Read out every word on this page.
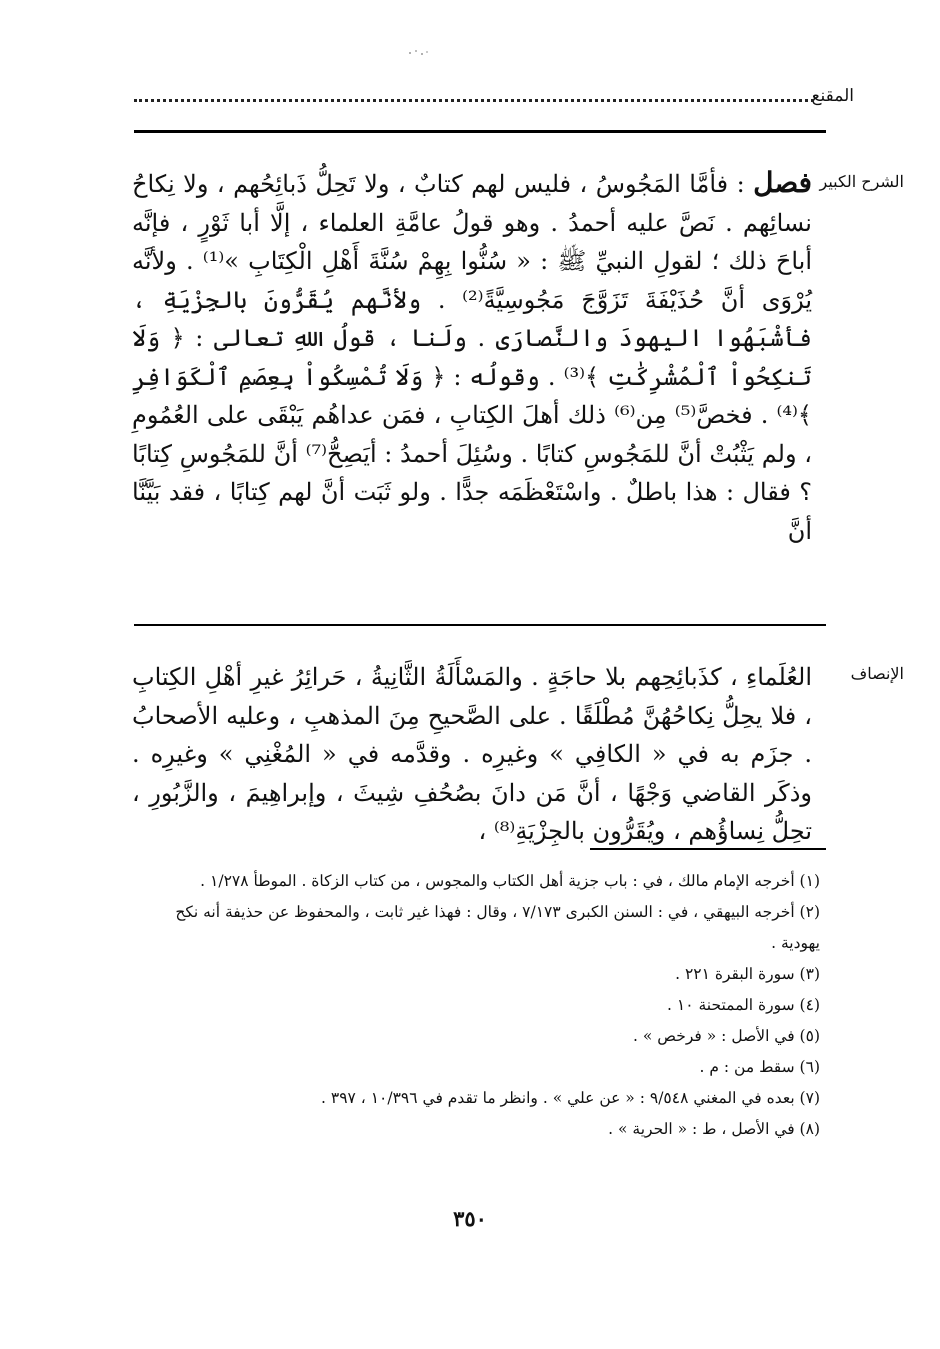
المقنع
الشرح الكبير

فصل : فأمَّا المَجُوسُ ، فليس لهم كتابٌ ، ولا تَحِلُّ ذَبائِحُهم ، ولا نِكاحُ نسائِهم . نَصَّ عليه أحمدُ . وهو قولُ عامَّةِ العلماء ، إلَّا أبا ثَوْرٍ ، فإنَّه أباحَ ذلك ؛ لقولِ النبيِّ ﷺ : « سُنُّوا بِهِمْ سُنَّةَ أَهْلِ الْكِتَابِ »⁽¹⁾ . ولأنَّه يُرْوَى أنَّ حُذَيْفَةَ تَزَوَّجَ مَجُوسِيَّةً⁽²⁾ . ولأنَّهم يُقَرُّونَ بالجِزْيَةِ ، فأشْبَهُوا اليهودَ والنَّصارَى . ولَنا ، قولُ اللهِ تعالى : ﴿ وَلَا تَنكِحُواْ ٱلْمُشْرِكَٰتِ ﴾⁽³⁾ . وقولُه : ﴿ وَلَا تُمْسِكُواْ بِعِصَمِ ٱلْكَوَافِرِ ﴾⁽⁴⁾ . فخصَّ⁽⁵⁾ مِن⁽⁶⁾ ذلك أهلَ الكِتابِ ، فمَن عداهُم يَبْقَى على العُمُومِ ، ولم يَثْبُتْ أنَّ للمَجُوسِ كتابًا . وسُئِلَ أحمدُ : أيَصِحُّ⁽⁷⁾ أنَّ للمَجُوسِ كِتابًا ؟ فقال : هذا باطلٌ . واسْتَعْظَمَه جدًّا . ولو ثَبَت أنَّ لهم كِتابًا ، فقد بَيَّنَّا أنَّ

الإنصاف

العُلَماءِ ، كذَبائِحِهم بلا حاجَةٍ . والمَسْأَلَةُ الثَّانِيةُ ، حَرائِرُ غيرِ أهْلِ الكِتابِ ، فلا يحِلُّ نِكاحُهُنَّ مُطْلَقًا . على الصَّحيحِ مِنَ المذهبِ ، وعليه الأصحابُ . جزَم به في « الكافِي » وغيرِه . وقدَّمه في « المُغْنِي » وغيرِه . وذكَر القاضي وَجْهًا ، أنَّ مَن دانَ بصُحُفِ شِيثَ ، وإبراهِيمَ ، والزَّبُورِ ، تحِلُّ نِساؤُهم ، ويُقَرُّون بالجِزْيَةِ⁽⁸⁾ ،

(١) أخرجه الإمام مالك ، في : باب جزية أهل الكتاب والمجوس ، من كتاب الزكاة . الموطأ ١/٢٧٨ .

(٢) أخرجه البيهقي ، في : السنن الكبرى ٧/١٧٣ ، وقال : فهذا غير ثابت ، والمحفوظ عن حذيفة أنه نكح يهودية .

(٣) سورة البقرة ٢٢١ .

(٤) سورة الممتحنة ١٠ .

(٥) في الأصل : « فرخص » .

(٦) سقط من : م .

(٧) بعده في المغني ٩/٥٤٨ : « عن علي » . وانظر ما تقدم في ١٠/٣٩٦ ، ٣٩٧ .

(٨) في الأصل ، ط : « الحرية » .

٣٥٠
